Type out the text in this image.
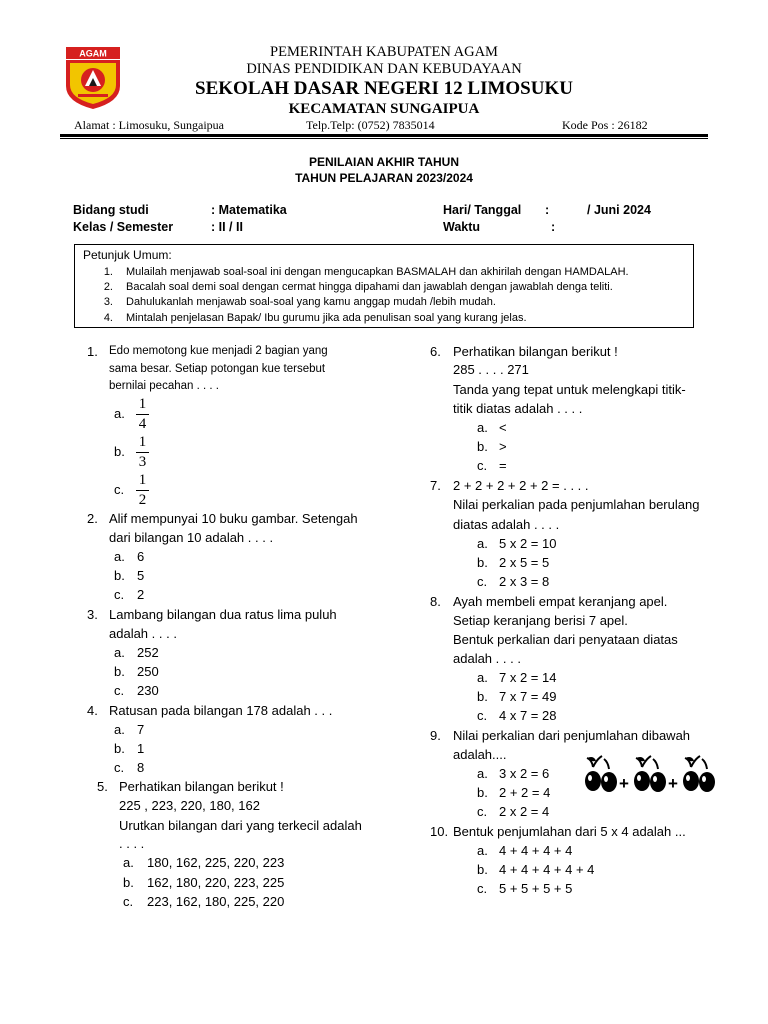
AGAM	PEMERINTAH KABUPATEN AGAM
DINAS PENDIDIKAN DAN KEBUDAYAAN
SEKOLAH DASAR NEGERI 12 LIMOSUKU
KECAMATAN SUNGAIPUA
Alamat : Limosuku, Sungaipua	Telp.Telp: (0752) 7835014	Kode Pos : 26182
PENILAIAN AKHIR TAHUN
TAHUN PELAJARAN 2023/2024
Bidang studi	: Matematika	Hari/ Tanggal :	/ Juni 2024
Kelas / Semester	: II / II	Waktu	:
Petunjuk Umum:
1. Mulailah menjawab soal-soal ini dengan mengucapkan BASMALAH dan akhirilah dengan HAMDALAH.
2. Bacalah soal demi soal dengan cermat hingga dipahami dan jawablah dengan jawablah denga teliti.
3. Dahulukanlah menjawab soal-soal yang kamu anggap mudah /lebih mudah.
4. Mintalah penjelasan Bapak/ Ibu gurumu jika ada penulisan soal yang kurang jelas.
1. Edo memotong kue menjadi 2 bagian yang
sama besar. Setiap potongan kue tersebut
bernilai pecahan . . . .
a.
1
4
b.
1
3
c.
1
2
2. Alif mempunyai 10 buku gambar. Setengah
dari bilangan 10 adalah . . . .
a. 6
b. 5
c. 2
3. Lambang bilangan dua ratus lima puluh
adalah . . . .
a. 252
b. 250
c. 230
4. Ratusan pada bilangan 178 adalah . . .
a. 7
b. 1
c. 8
5. Perhatikan bilangan berikut !
225 , 223, 220, 180, 162
Urutkan bilangan dari yang terkecil adalah
. . . .
a. 180, 162, 225, 220, 223
b. 162, 180, 220, 223, 225
c. 223, 162, 180, 225, 220
6. Perhatikan bilangan berikut !
285 . . . . 271
Tanda yang tepat untuk melengkapi titik-
titik diatas adalah . . . .
a. <
b. >
c. =
7. 2 + 2 + 2 + 2 + 2 = . . . .
Nilai perkalian pada penjumlahan berulang
diatas adalah . . . .
a. 5 x 2 = 10
b. 2 x 5 = 5
c. 2 x 3 = 8
8. Ayah membeli empat keranjang apel.
Setiap keranjang berisi 7 apel.
Bentuk perkalian dari penyataan diatas
adalah . . . .
a. 7 x 2 = 14
b. 7 x 7 = 49
c. 4 x 7 = 28
9. Nilai perkalian dari penjumlahan dibawah
adalah....
a. 3 x 2 = 6
b. 2 + 2 = 4
c. 2 x 2 = 4
+ +
10. Bentuk penjumlahan dari 5 x 4 adalah ...
a. 4 + 4 + 4 + 4
b. 4 + 4 + 4 + 4 + 4
c. 5 + 5 + 5 + 5
